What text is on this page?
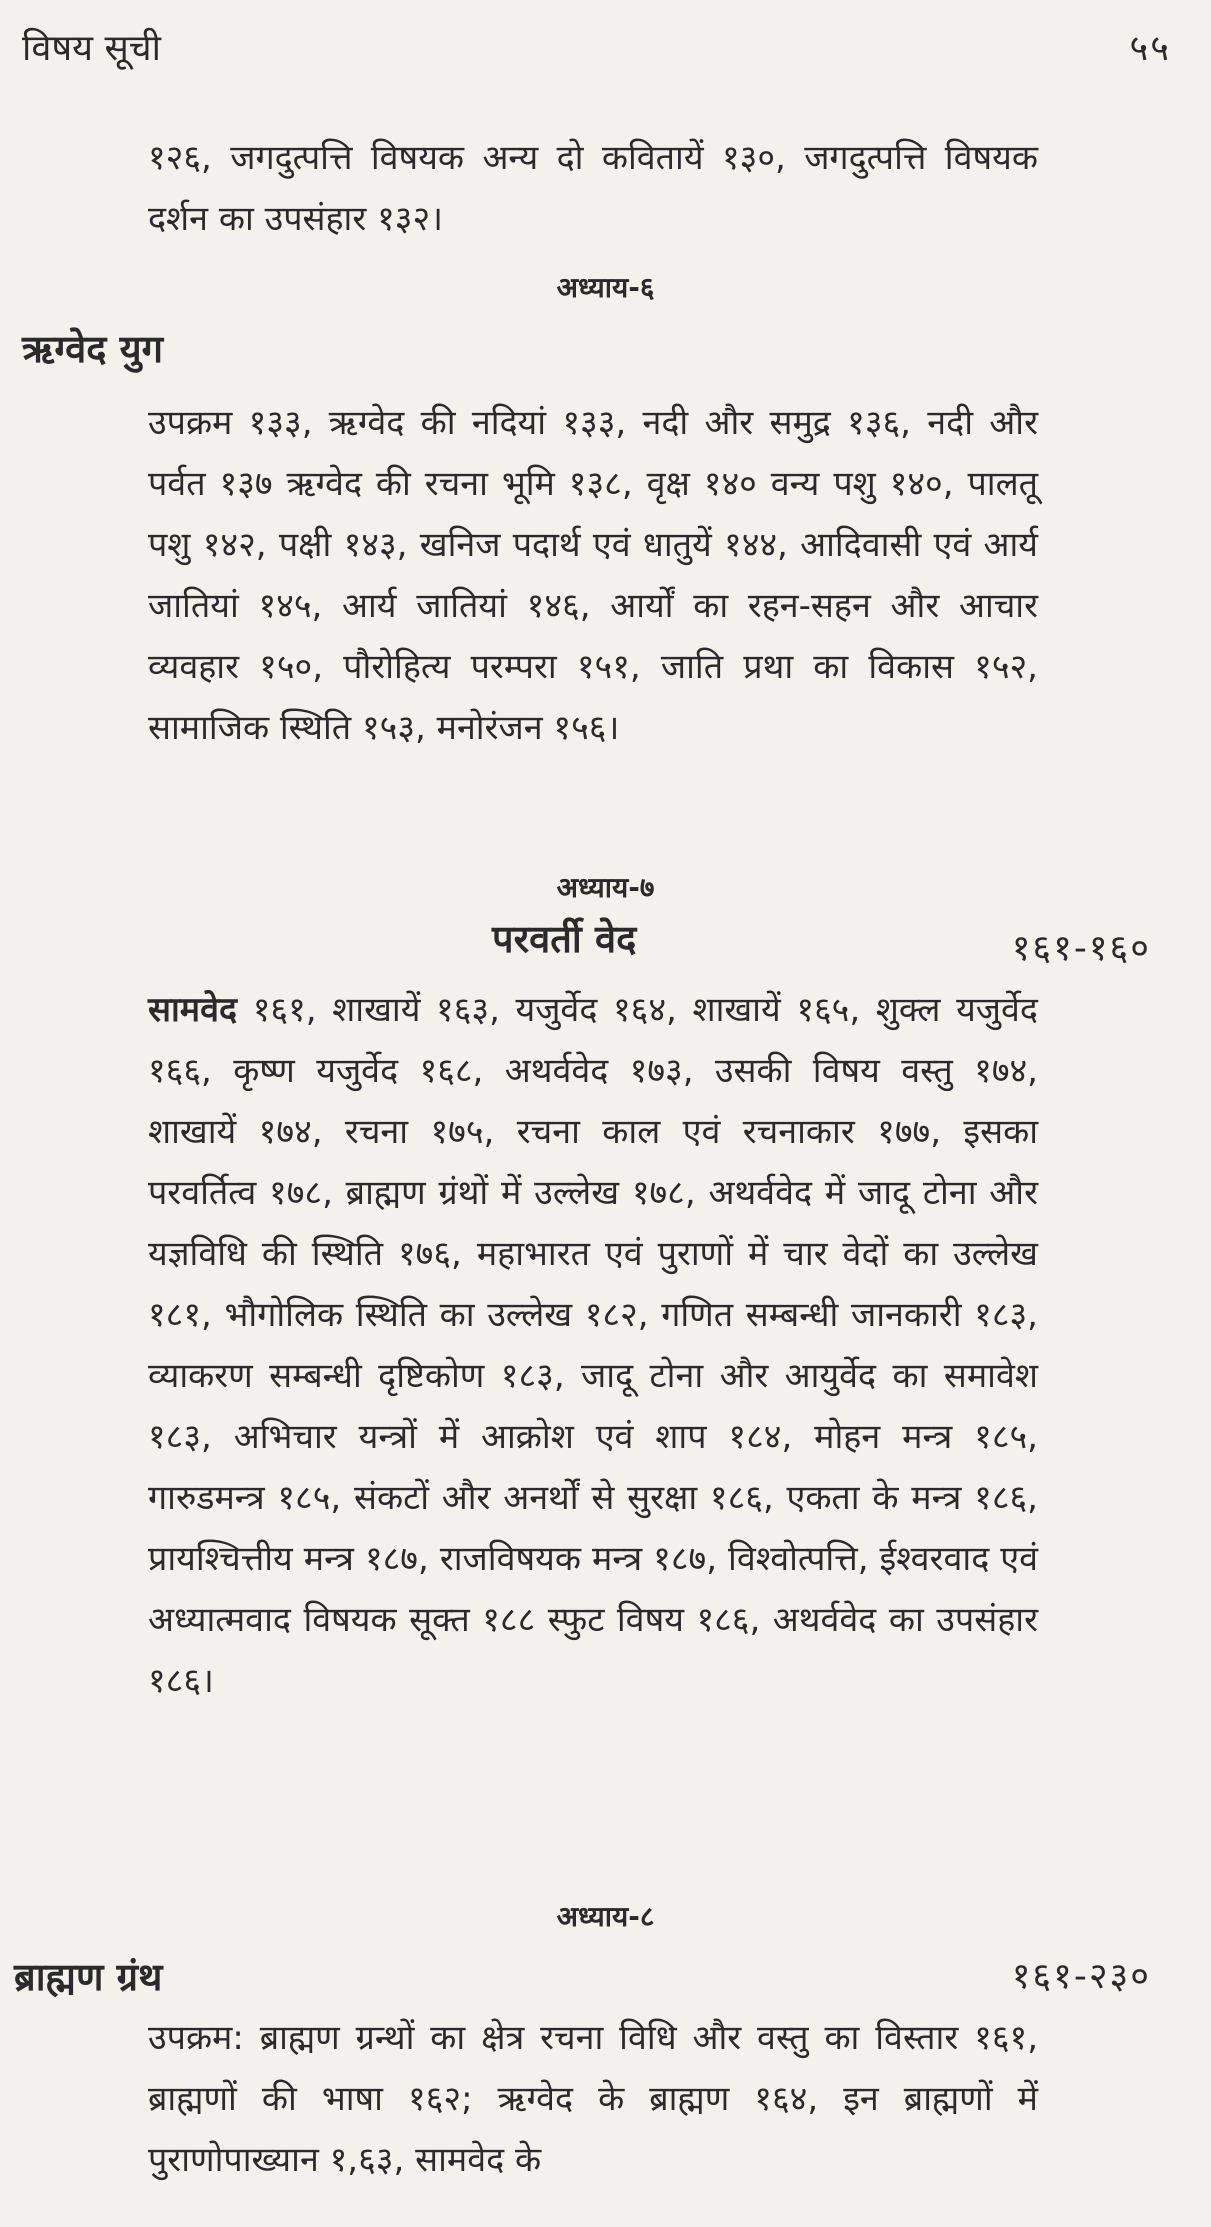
विषय सूची	५५

१२६, जगदुत्पत्ति विषयक अन्य दो कवितायें १३०, जगदुत्पत्ति विषयक दर्शन का उपसंहार १३२।

अध्याय-६
ऋग्वेद युग

उपक्रम १३३, ऋग्वेद की नदियां १३३, नदी और समुद्र १३६, नदी और पर्वत १३७ ऋग्वेद की रचना भूमि १३८, वृक्ष १४० वन्य पशु १४०, पालतू पशु १४२, पक्षी १४३, खनिज पदार्थ एवं धातुयें १४४, आदिवासी एवं आर्य जातियां १४५, आर्य जातियां १४६, आर्यों का रहन-सहन और आचार व्यवहार १५०, पौरोहित्य परम्परा १५१, जाति प्रथा का विकास १५२, सामाजिक स्थिति १५३, मनोरंजन १५६।

अध्याय-७
परवर्ती वेद	१६१-१६०

सामवेद १६१, शाखायें १६३, यजुर्वेद १६४, शाखायें १६५, शुक्ल यजुर्वेद १६६, कृष्ण यजुर्वेद १६८, अथर्ववेद १७३, उसकी विषय वस्तु १७४, शाखायें १७४, रचना १७५, रचना काल एवं रचनाकार १७७, इसका परवर्तित्व १७८, ब्राह्मण ग्रंथों में उल्लेख १७८, अथर्ववेद में जादू टोना और यज्ञविधि की स्थिति १७६, महाभारत एवं पुराणों में चार वेदों का उल्लेख १८१, भौगोलिक स्थिति का उल्लेख १८२, गणित सम्बन्धी जानकारी १८३, व्याकरण सम्बन्धी दृष्टिकोण १८३, जादू टोना और आयुर्वेद का समावेश १८३, अभिचार यन्त्रों में आक्रोश एवं शाप १८४, मोहन मन्त्र १८५, गारुडमन्त्र १८५, संकटों और अनर्थों से सुरक्षा १८६, एकता के मन्त्र १८६, प्रायश्चित्तीय मन्त्र १८७, राजविषयक मन्त्र १८७, विश्वोत्पत्ति, ईश्वरवाद एवं अध्यात्मवाद विषयक सूक्त १८८ स्फुट विषय १८६, अथर्ववेद का उपसंहार १८६।

अध्याय-८
ब्राह्मण ग्रंथ	१६१-२३०

उपक्रम: ब्राह्मण ग्रन्थों का क्षेत्र रचना विधि और वस्तु का विस्तार १६१, ब्राह्मणों की भाषा १६२; ऋग्वेद के ब्राह्मण १६४, इन ब्राह्मणों में पुराणोपाख्यान १,६३, सामवेद के
